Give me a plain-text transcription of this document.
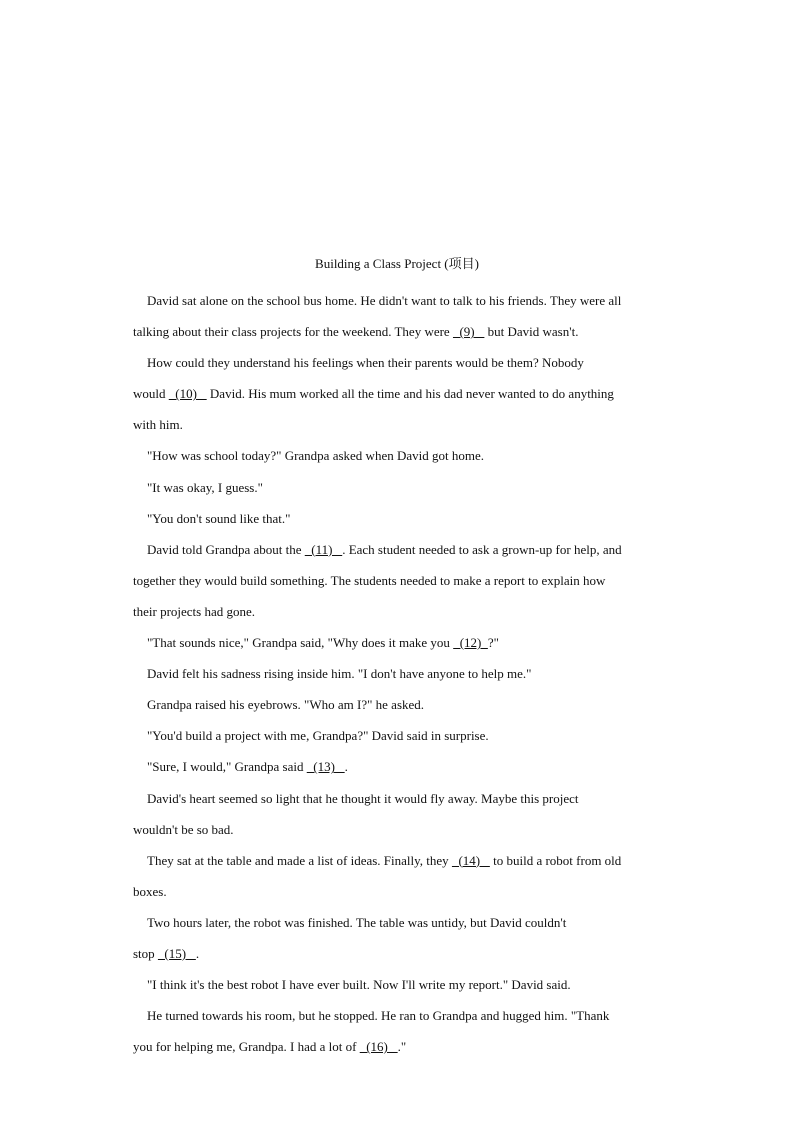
Building a Class Project (项目)

David sat alone on the school bus home. He didn't want to talk to his friends. They were all

talking about their class projects for the weekend. They were   (9)    but David wasn't.

How could they understand his feelings when their parents would be them? Nobody

would   (10)    David. His mum worked all the time and his dad never wanted to do anything

with him.

"How was school today?" Grandpa asked when David got home.

"It was okay, I guess."

"You don't sound like that."

David told Grandpa about the   (11)   . Each student needed to ask a grown-up for help, and

together they would build something. The students needed to make a report to explain how

their projects had gone.

"That sounds nice," Grandpa said, "Why does it make you   (12)  ?"

David felt his sadness rising inside him. "I don't have anyone to help me."

Grandpa raised his eyebrows. "Who am I?" he asked.

"You'd build a project with me, Grandpa?" David said in surprise.

"Sure, I would," Grandpa said   (13)   .

David's heart seemed so light that he thought it would fly away. Maybe this project

wouldn't be so bad.

They sat at the table and made a list of ideas. Finally, they   (14)    to build a robot from old

boxes.

Two hours later, the robot was finished. The table was untidy, but David couldn't

stop   (15)   .

"I think it's the best robot I have ever built. Now I'll write my report." David said.

He turned towards his room, but he stopped. He ran to Grandpa and hugged him. "Thank

you for helping me, Grandpa. I had a lot of   (16)   ."
